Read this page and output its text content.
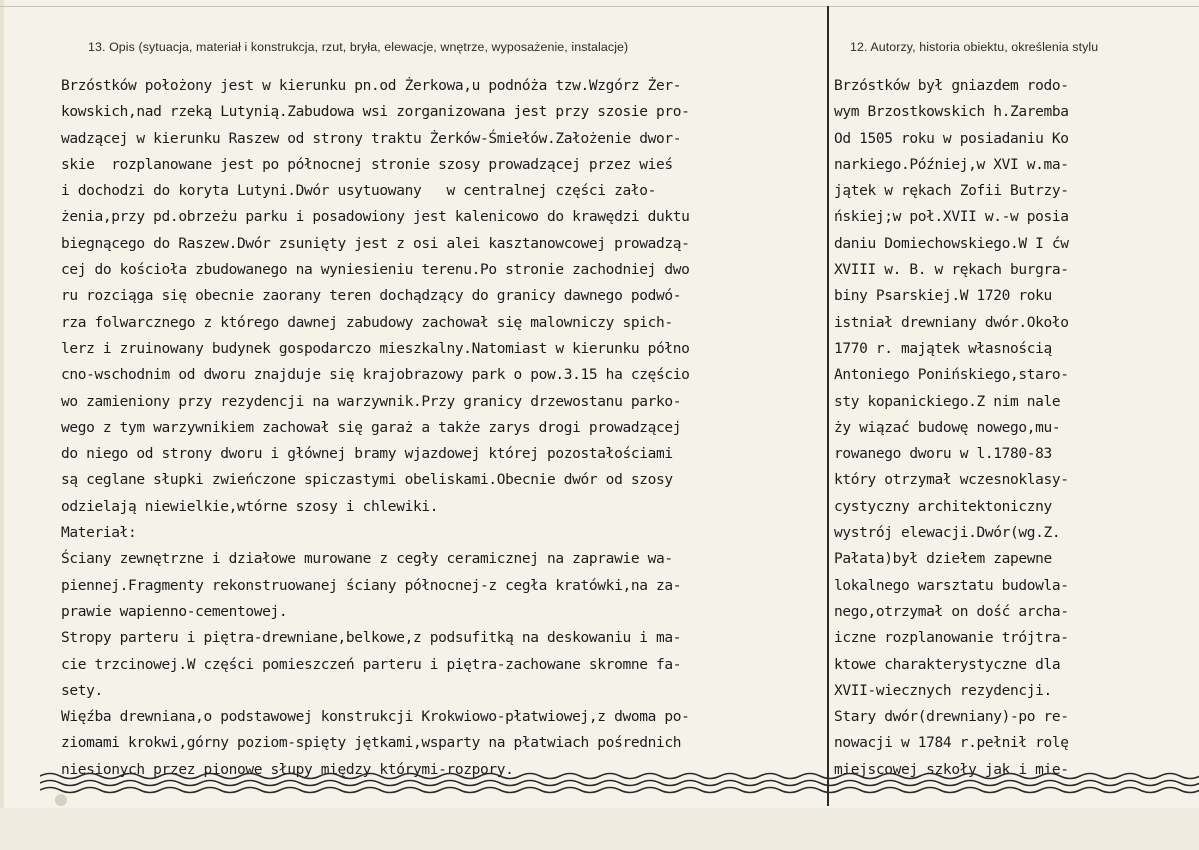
13. Opis (sytuacja, materiał i konstrukcja, rzut, bryła, elewacje, wnętrze, wyposażenie, instalacje)	12. Autorzy, historia obiektu, określenia stylu
Brzóstków położony jest w kierunku pn.od Żerkowa,u podnóża tzw.Wzgórz Żer-
kowskich,nad rzeką Lutynią.Zabudowa wsi zorganizowana jest przy szosie pro-
wadzącej w kierunku Raszew od strony traktu Żerków-Śmiełów.Założenie dwor-
skie  rozplanowane jest po północnej stronie szosy prowadzącej przez wieś
i dochodzi do koryta Lutyni.Dwór usytuowany   w centralnej części zało-
żenia,przy pd.obrzeżu parku i posadowiony jest kalenicowo do krawędzi duktu
biegnącego do Raszew.Dwór zsunięty jest z osi alei kasztanowcowej prowadzą-
cej do kościoła zbudowanego na wyniesieniu terenu.Po stronie zachodniej dwo
ru rozciąga się obecnie zaorany teren dochądzący do granicy dawnego podwó-
rza folwarcznego z którego dawnej zabudowy zachował się malowniczy spich-
lerz i zruinowany budynek gospodarczo mieszkalny.Natomiast w kierunku półno
cno-wschodnim od dworu znajduje się krajobrazowy park o pow.3.15 ha częścio
wo zamieniony przy rezydencji na warzywnik.Przy granicy drzewostanu parko-
wego z tym warzywnikiem zachował się garaż a także zarys drogi prowadzącej
do niego od strony dworu i głównej bramy wjazdowej której pozostałościami
są ceglane słupki zwieńczone spiczastymi obeliskami.Obecnie dwór od szosy
odzielają niewielkie,wtórne szosy i chlewiki.
Materiał:
Ściany zewnętrzne i działowe murowane z cegły ceramicznej na zaprawie wa-
piennej.Fragmenty rekonstruowanej ściany północnej-z cegła kratówki,na za-
prawie wapienno-cementowej.
Stropy parteru i piętra-drewniane,belkowe,z podsufitką na deskowaniu i ma-
cie trzcinowej.W części pomieszczeń parteru i piętra-zachowane skromne fa-
sety.
Więźba drewniana,o podstawowej konstrukcji Krokwiowo-płatwiowej,z dwoma po-
ziomami krokwi,górny poziom-spięty jętkami,wsparty na płatwiach pośrednich
niesionych przez pionowe słupy między którymi-rozpory.
Brzóstków był gniazdem rodo-
wym Brzostkowskich h.Zaremba
Od 1505 roku w posiadaniu Ko
narkiego.Później,w XVI w.ma-
jątek w rękach Zofii Butrzy-
ńskiej;w poł.XVII w.-w posia
daniu Domiechowskiego.W I ćw
XVIII w. B. w rękach burgra-
biny Psarskiej.W 1720 roku
istniał drewniany dwór.Około
1770 r. majątek własnością
Antoniego Ponińskiego,staro-
sty kopanickiego.Z nim nale
ży wiązać budowę nowego,mu-
rowanego dworu w l.1780-83
który otrzymał wczesnoklasy-
cystyczny architektoniczny
wystrój elewacji.Dwór(wg.Z.
Pałata)był dziełem zapewne
lokalnego warsztatu budowla-
nego,otrzymał on dość archa-
iczne rozplanowanie trójtra-
ktowe charakterystyczne dla
XVII-wiecznych rezydencji.
Stary dwór(drewniany)-po re-
nowacji w 1784 r.pełnił rolę
miejscowej szkoły jak i mie-
